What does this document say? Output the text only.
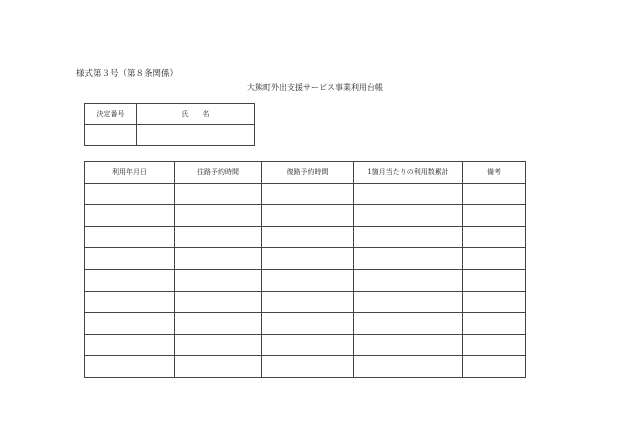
様式第３号（第８条関係）
大熊町外出支援サービス事業利用台帳
決定番号	氏　　名

利用年月日	往路予約時間	復路予約時間	1箇月当たりの利用数累計	備考
